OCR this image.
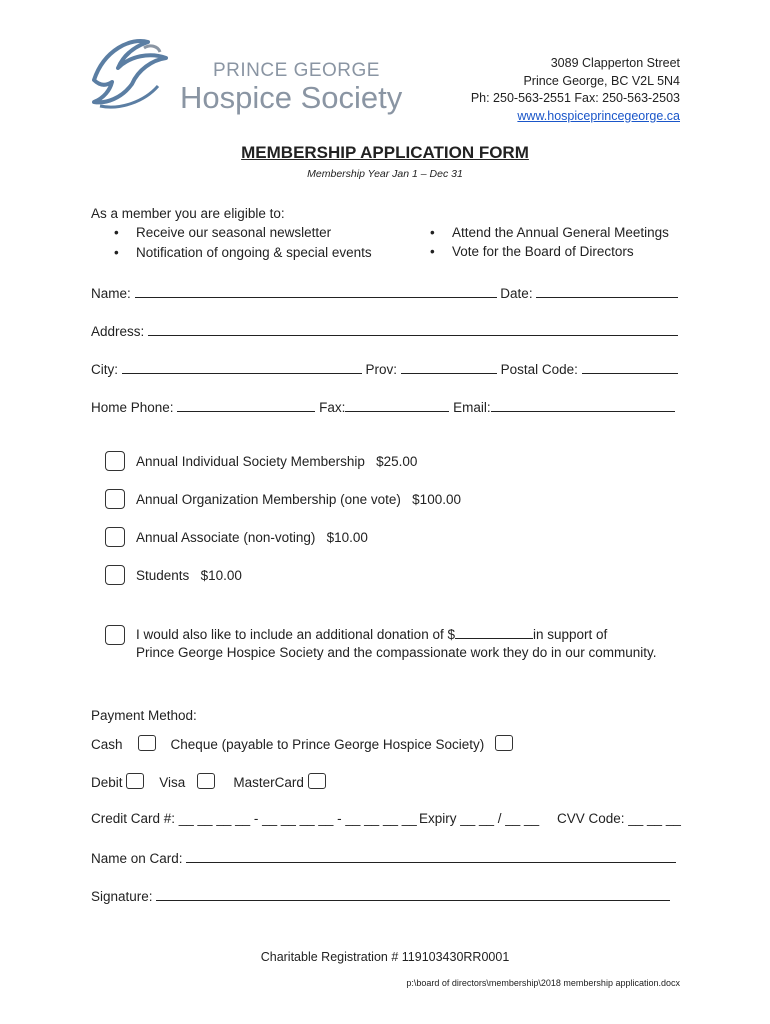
PRINCE GEORGE
Hospice Society
3089 Clapperton Street
Prince George, BC V2L 5N4
Ph: 250-563-2551 Fax: 250-563-2503
www.hospiceprincegeorge.ca
MEMBERSHIP APPLICATION FORM
Membership Year Jan 1 – Dec 31
As a member you are eligible to:
• Receive our seasonal newsletter
• Notification of ongoing & special events
• Attend the Annual General Meetings
• Vote for the Board of Directors
Name:	Date:
Address:
City:	Prov:	Postal Code:
Home Phone:	Fax:	Email:
Annual Individual Society Membership $25.00
Annual Organization Membership (one vote) $100.00
Annual Associate (non-voting) $10.00
Students $10.00
I would also like to include an additional donation of $	in support of
Prince George Hospice Society and the compassionate work they do in our community.
Payment Method:
Cash	Cheque (payable to Prince George Hospice Society)
Debit	Visa	MasterCard
Credit Card #: __ __ __ __ - __ __ __ __ - __ __ __ __ Expiry __ __ / __ __ CVV Code: __ __ __
Name on Card:
Signature:
Charitable Registration # 119103430RR0001
p:\board of directors\membership\2018 membership application.docx
